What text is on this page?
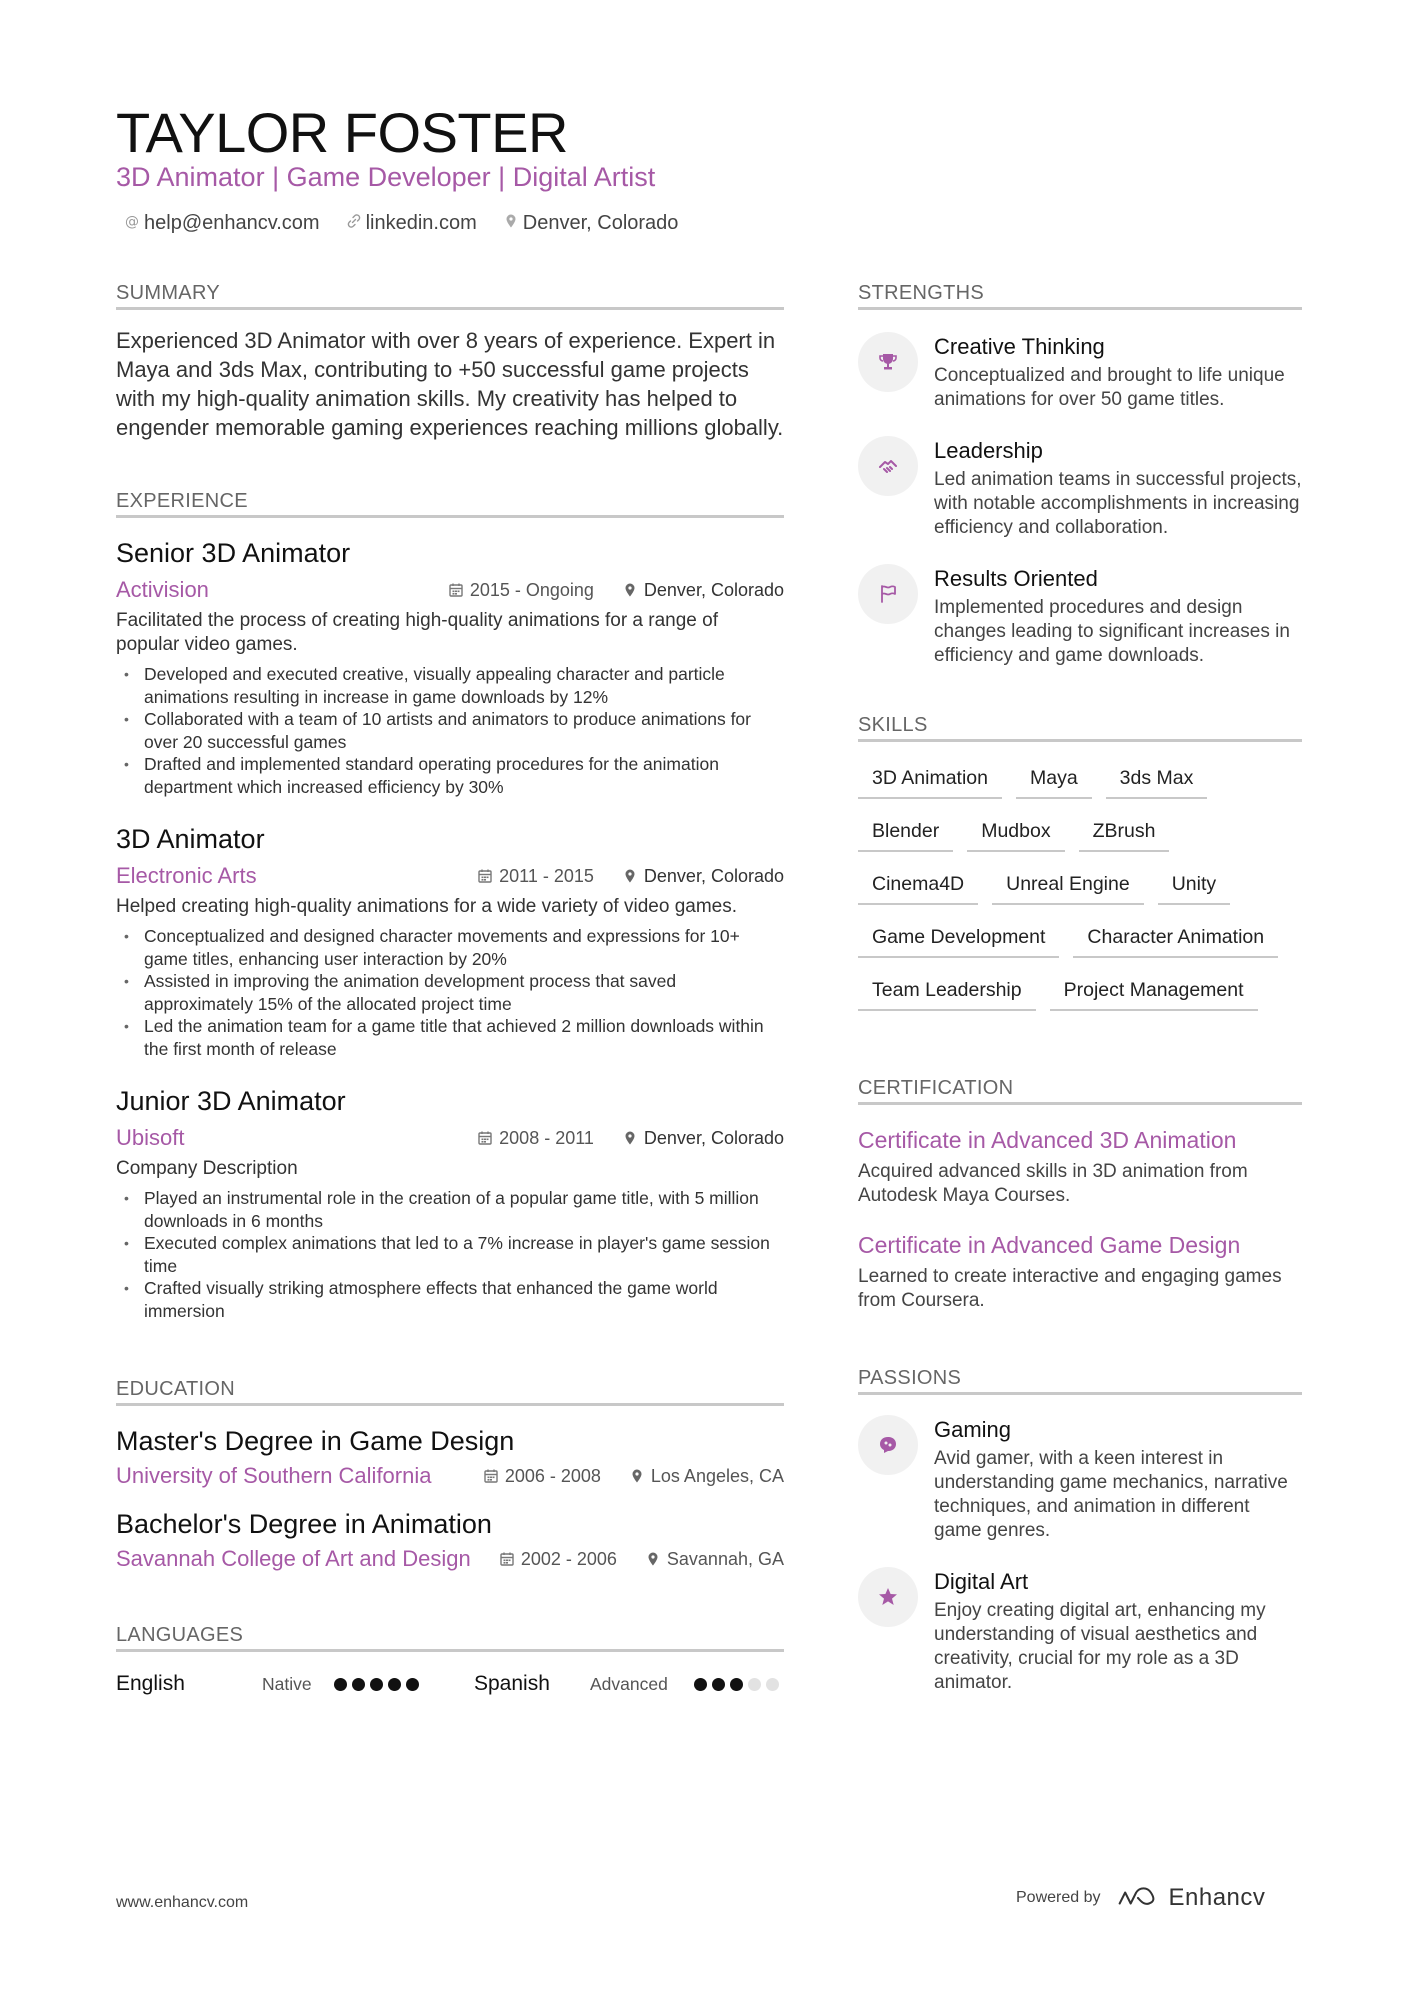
TAYLOR FOSTER
3D Animator | Game Developer | Digital Artist
@ help@enhancv.com linkedin.com Denver, Colorado
SUMMARY
Experienced 3D Animator with over 8 years of experience. Expert in Maya and 3ds Max, contributing to +50 successful game projects with my high-quality animation skills. My creativity has helped to engender memorable gaming experiences reaching millions globally.
EXPERIENCE
Senior 3D Animator
Activision	2015 - Ongoing	Denver, Colorado
Facilitated the process of creating high-quality animations for a range of popular video games.
• Developed and executed creative, visually appealing character and particle animations resulting in increase in game downloads by 12%
• Collaborated with a team of 10 artists and animators to produce animations for over 20 successful games
• Drafted and implemented standard operating procedures for the animation department which increased efficiency by 30%
3D Animator
Electronic Arts	2011 - 2015	Denver, Colorado
Helped creating high-quality animations for a wide variety of video games.
• Conceptualized and designed character movements and expressions for 10+ game titles, enhancing user interaction by 20%
• Assisted in improving the animation development process that saved approximately 15% of the allocated project time
• Led the animation team for a game title that achieved 2 million downloads within the first month of release
Junior 3D Animator
Ubisoft	2008 - 2011	Denver, Colorado
Company Description
• Played an instrumental role in the creation of a popular game title, with 5 million downloads in 6 months
• Executed complex animations that led to a 7% increase in player's game session time
• Crafted visually striking atmosphere effects that enhanced the game world immersion
EDUCATION
Master's Degree in Game Design
University of Southern California	2006 - 2008	Los Angeles, CA
Bachelor's Degree in Animation
Savannah College of Art and Design	2002 - 2006	Savannah, GA
LANGUAGES
English	Native	Spanish	Advanced
STRENGTHS
Creative Thinking
Conceptualized and brought to life unique animations for over 50 game titles.
Leadership
Led animation teams in successful projects, with notable accomplishments in increasing efficiency and collaboration.
Results Oriented
Implemented procedures and design changes leading to significant increases in efficiency and game downloads.
SKILLS
3D Animation	Maya	3ds Max
Blender	Mudbox	ZBrush
Cinema4D	Unreal Engine	Unity
Game Development	Character Animation
Team Leadership	Project Management
CERTIFICATION
Certificate in Advanced 3D Animation
Acquired advanced skills in 3D animation from Autodesk Maya Courses.
Certificate in Advanced Game Design
Learned to create interactive and engaging games from Coursera.
PASSIONS
Gaming
Avid gamer, with a keen interest in understanding game mechanics, narrative techniques, and animation in different game genres.
Digital Art
Enjoy creating digital art, enhancing my understanding of visual aesthetics and creativity, crucial for my role as a 3D animator.
www.enhancv.com	Powered by	Enhancv
